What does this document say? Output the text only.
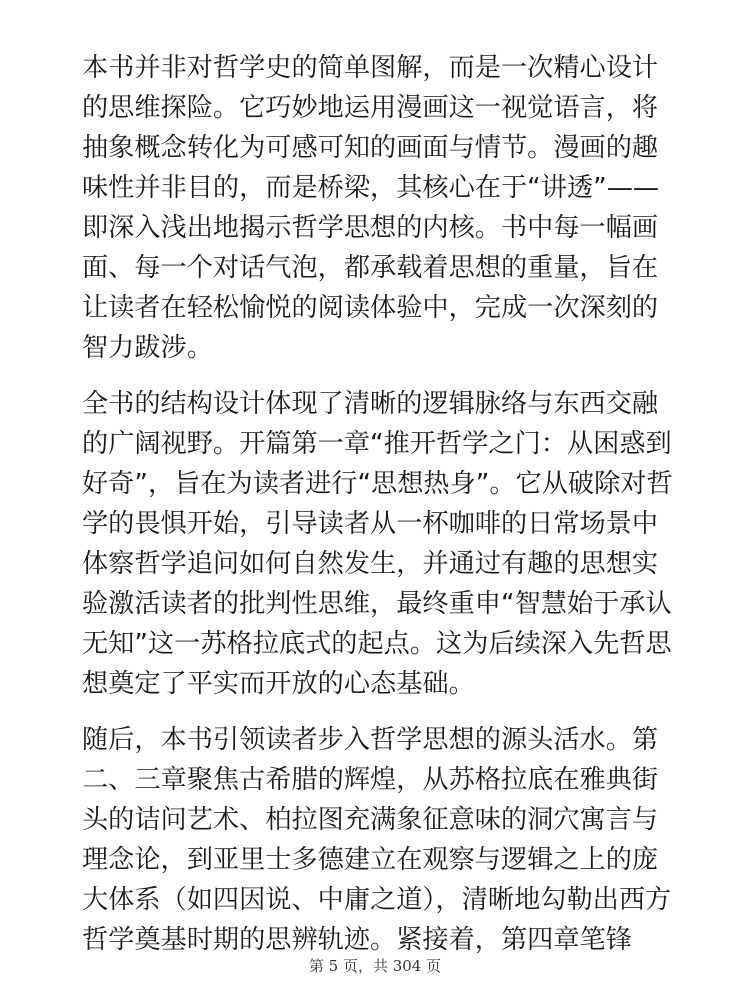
本书并非对哲学史的简单图解，而是一次精心设计的思维探险。它巧妙地运用漫画这一视觉语言，将抽象概念转化为可感可知的画面与情节。漫画的趣味性并非目的，而是桥梁，其核心在于“讲透”——即深入浅出地揭示哲学思想的内核。书中每一幅画面、每一个对话气泡，都承载着思想的重量，旨在让读者在轻松愉悦的阅读体验中，完成一次深刻的智力跋涉。

全书的结构设计体现了清晰的逻辑脉络与东西交融的广阔视野。开篇第一章“推开哲学之门：从困惑到好奇”，旨在为读者进行“思想热身”。它从破除对哲学的畏惧开始，引导读者从一杯咖啡的日常场景中体察哲学追问如何自然发生，并通过有趣的思想实验激活读者的批判性思维，最终重申“智慧始于承认无知”这一苏格拉底式的起点。这为后续深入先哲思想奠定了平实而开放的心态基础。

随后，本书引领读者步入哲学思想的源头活水。第二、三章聚焦古希腊的辉煌，从苏格拉底在雅典街头的诘问艺术、柏拉图充满象征意味的洞穴寓言与理念论，到亚里士多德建立在观察与逻辑之上的庞大体系（如四因说、中庸之道），清晰地勾勒出西方哲学奠基时期的思辨轨迹。紧接着，第四章笔锋

第 5 页，共 304 页
